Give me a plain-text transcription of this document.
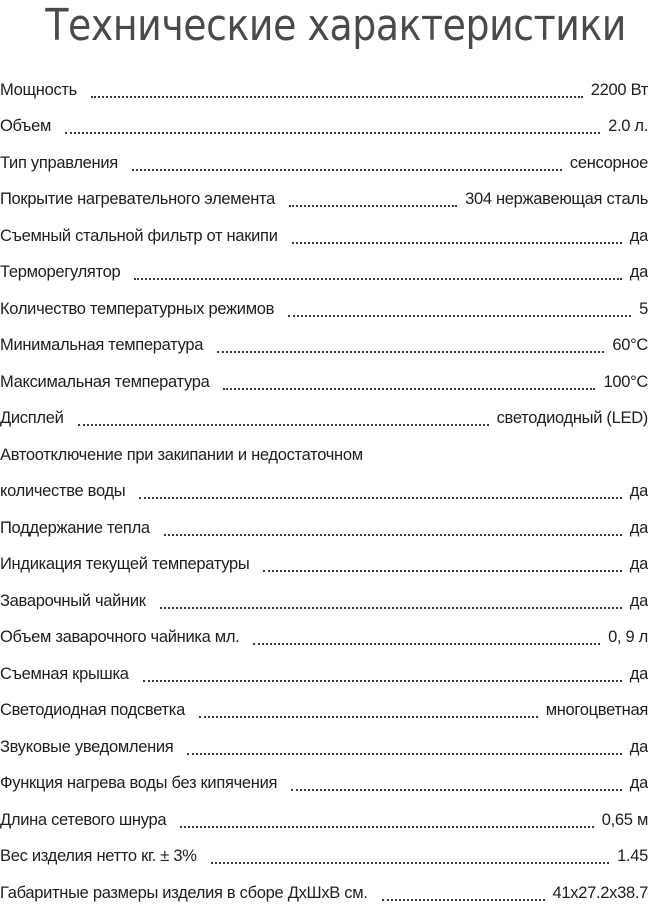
Технические характеристики
Мощность	2200 Вт
Объем	2.0 л.
Тип управления	сенсорное
Покрытие нагревательного элемента	304 нержавеющая сталь
Съемный стальной фильтр от накипи	да
Терморегулятор	да
Количество температурных режимов	5
Минимальная температура	60°C
Максимальная температура	100°C
Дисплей	светодиодный (LED)
Автоотключение при закипании и недостаточном
количестве воды	да
Поддержание тепла	да
Индикация текущей температуры	да
Заварочный чайник	да
Объем заварочного чайника мл.	0, 9 л
Съемная крышка	да
Светодиодная подсветка	многоцветная
Звуковые уведомления	да
Функция нагрева воды без кипячения	да
Длина сетевого шнура	0,65 м
Вес изделия нетто кг. ± 3%	1.45
Габаритные размеры изделия в сборе ДхШхВ см.	41x27.2x38.7
